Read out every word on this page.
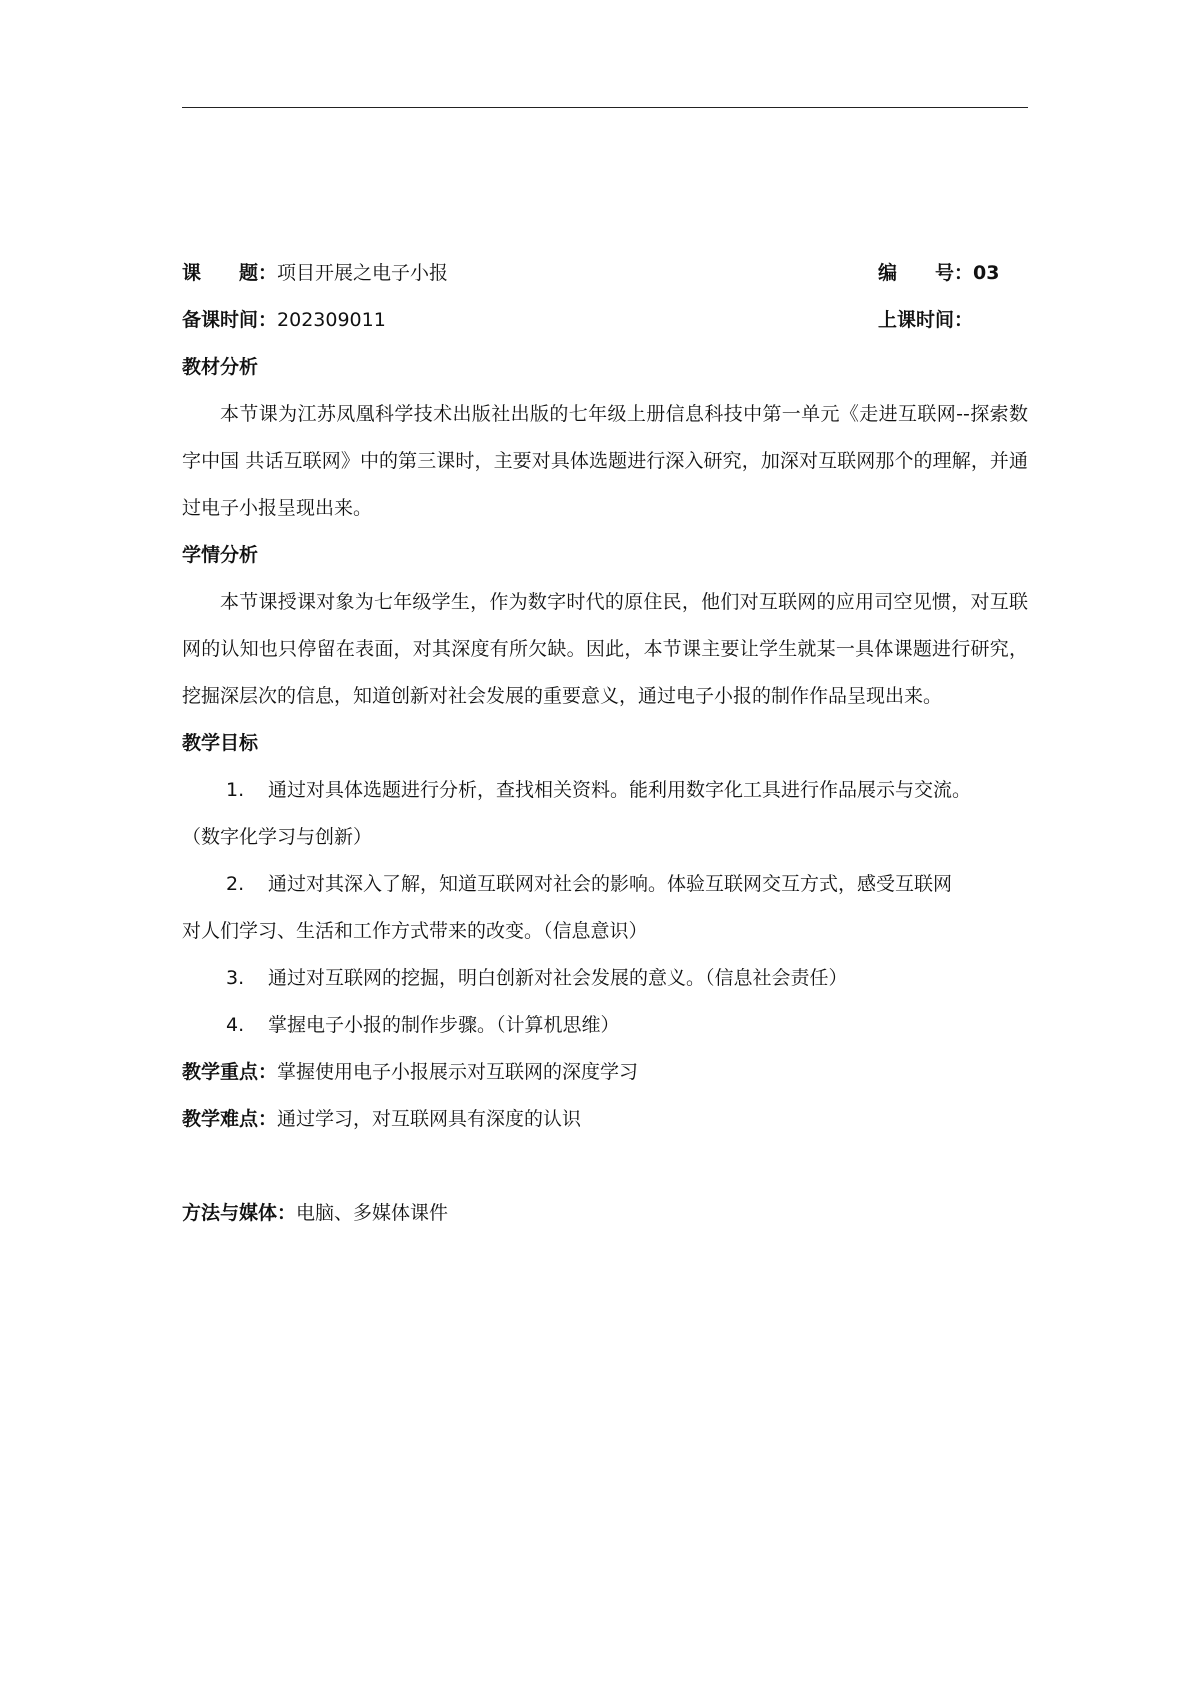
课　　题：项目开展之电子小报	编　　号：03
备课时间：202309011	上课时间：
教材分析

本节课为江苏凤凰科学技术出版社出版的七年级上册信息科技中第一单元《走进互联网--探索数字中国 共话互联网》中的第三课时，主要对具体选题进行深入研究，加深对互联网那个的理解，并通过电子小报呈现出来。

学情分析

本节课授课对象为七年级学生，作为数字时代的原住民，他们对互联网的应用司空见惯，对互联网的认知也只停留在表面，对其深度有所欠缺。因此，本节课主要让学生就某一具体课题进行研究，挖掘深层次的信息，知道创新对社会发展的重要意义，通过电子小报的制作作品呈现出来。

教学目标
1. 通过对具体选题进行分析，查找相关资料。能利用数字化工具进行作品展示与交流。
（数字化学习与创新）
2. 通过对其深入了解，知道互联网对社会的影响。体验互联网交互方式，感受互联网
对人们学习、生活和工作方式带来的改变。（信息意识）
3. 通过对互联网的挖掘，明白创新对社会发展的意义。（信息社会责任）
4. 掌握电子小报的制作步骤。（计算机思维）
教学重点：掌握使用电子小报展示对互联网的深度学习
教学难点：通过学习，对互联网具有深度的认识
方法与媒体：电脑、多媒体课件
